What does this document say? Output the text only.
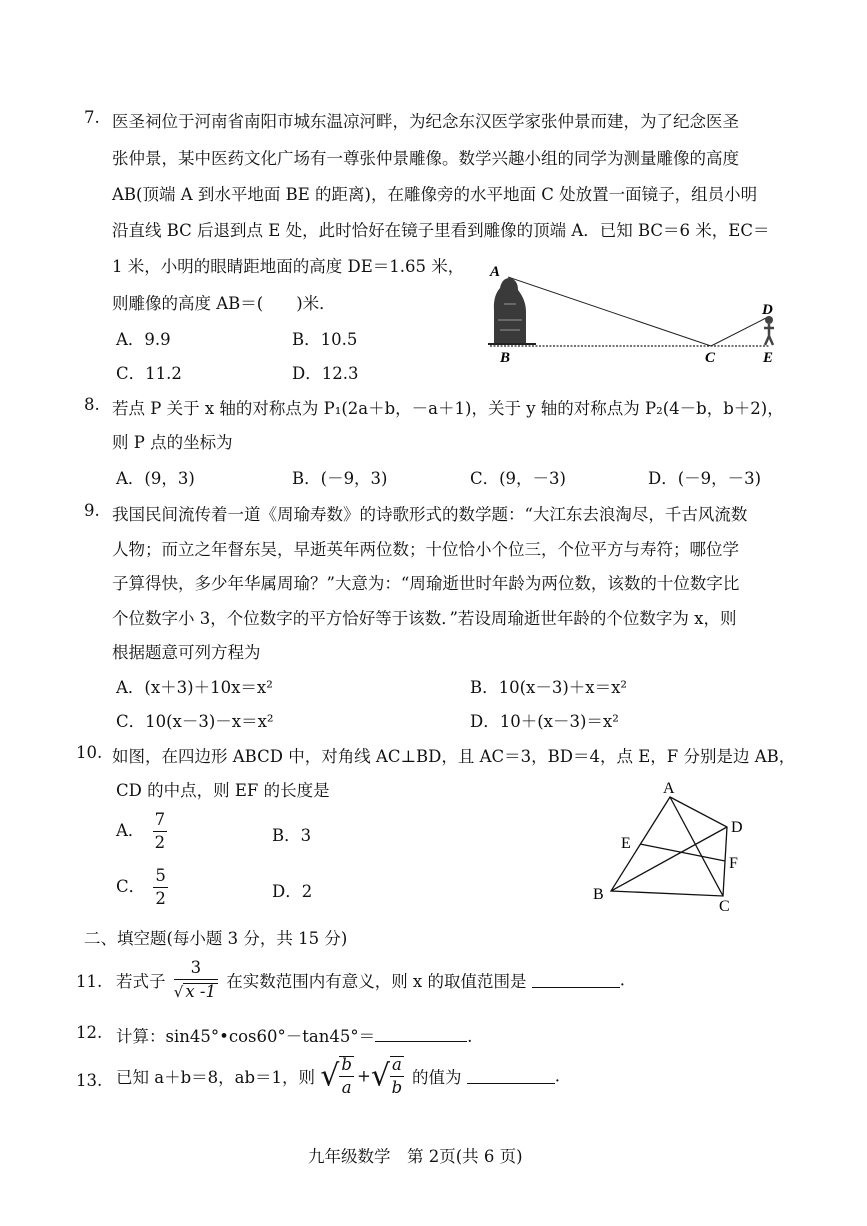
7. 医圣祠位于河南省南阳市城东温凉河畔，为纪念东汉医学家张仲景而建，为了纪念医圣
张仲景，某中医药文化广场有一尊张仲景雕像。数学兴趣小组的同学为测量雕像的高度
AB(顶端 A 到水平地面 BE 的距离)，在雕像旁的水平地面 C 处放置一面镜子，组员小明
沿直线 BC 后退到点 E 处，此时恰好在镜子里看到雕像的顶端 A．已知 BC＝6 米，EC＝
1 米，小明的眼睛距地面的高度 DE＝1.65 米，
则雕像的高度 AB＝(　　)米．
A．9.9	B．10.5
C．11.2	D．12.3
A
B	C
D
E
8. 若点 P 关于 x 轴的对称点为 P₁(2a＋b，－a＋1)，关于 y 轴的对称点为 P₂(4－b，b＋2)，
则 P 点的坐标为
A．(9，3)	B．(－9，3)	C．(9，－3)	D．(－9，－3)
9. 我国民间流传着一道《周瑜寿数》的诗歌形式的数学题：“大江东去浪淘尽，千古风流数
人物；而立之年督东吴，早逝英年两位数；十位恰小个位三，个位平方与寿符；哪位学
子算得快，多少年华属周瑜？”大意为：“周瑜逝世时年龄为两位数，该数的十位数字比
个位数字小 3，个位数字的平方恰好等于该数．”若设周瑜逝世年龄的个位数字为 x，则
根据题意可列方程为
A．(x＋3)＋10x＝x²	B．10(x－3)＋x＝x²
C．10(x－3)－x＝x²	D．10＋(x－3)＝x²
10. 如图，在四边形 ABCD 中，对角线 AC⊥BD，且 AC＝3，BD＝4，点 E，F 分别是边 AB，
CD 的中点，则 EF 的长度是
A． $\frac{7}{2}$	B．3
C． $\frac{5}{2}$	D．2
A
D
E
F
B
C
二、填空题(每小题 3 分，共 15 分)
11. 若式子 $\frac{3}{√ x -1}$ 在实数范围内有意义，则 x 的取值范围是	.
12. 计算：sin45°•cos60°－tan45°＝	.
13. 已知 a＋b＝8，ab＝1，则 √ $\frac{b}{a}$ +√ $\frac{a}{b}$ 的值为	.
九年级数学　第 2页(共 6 页)
